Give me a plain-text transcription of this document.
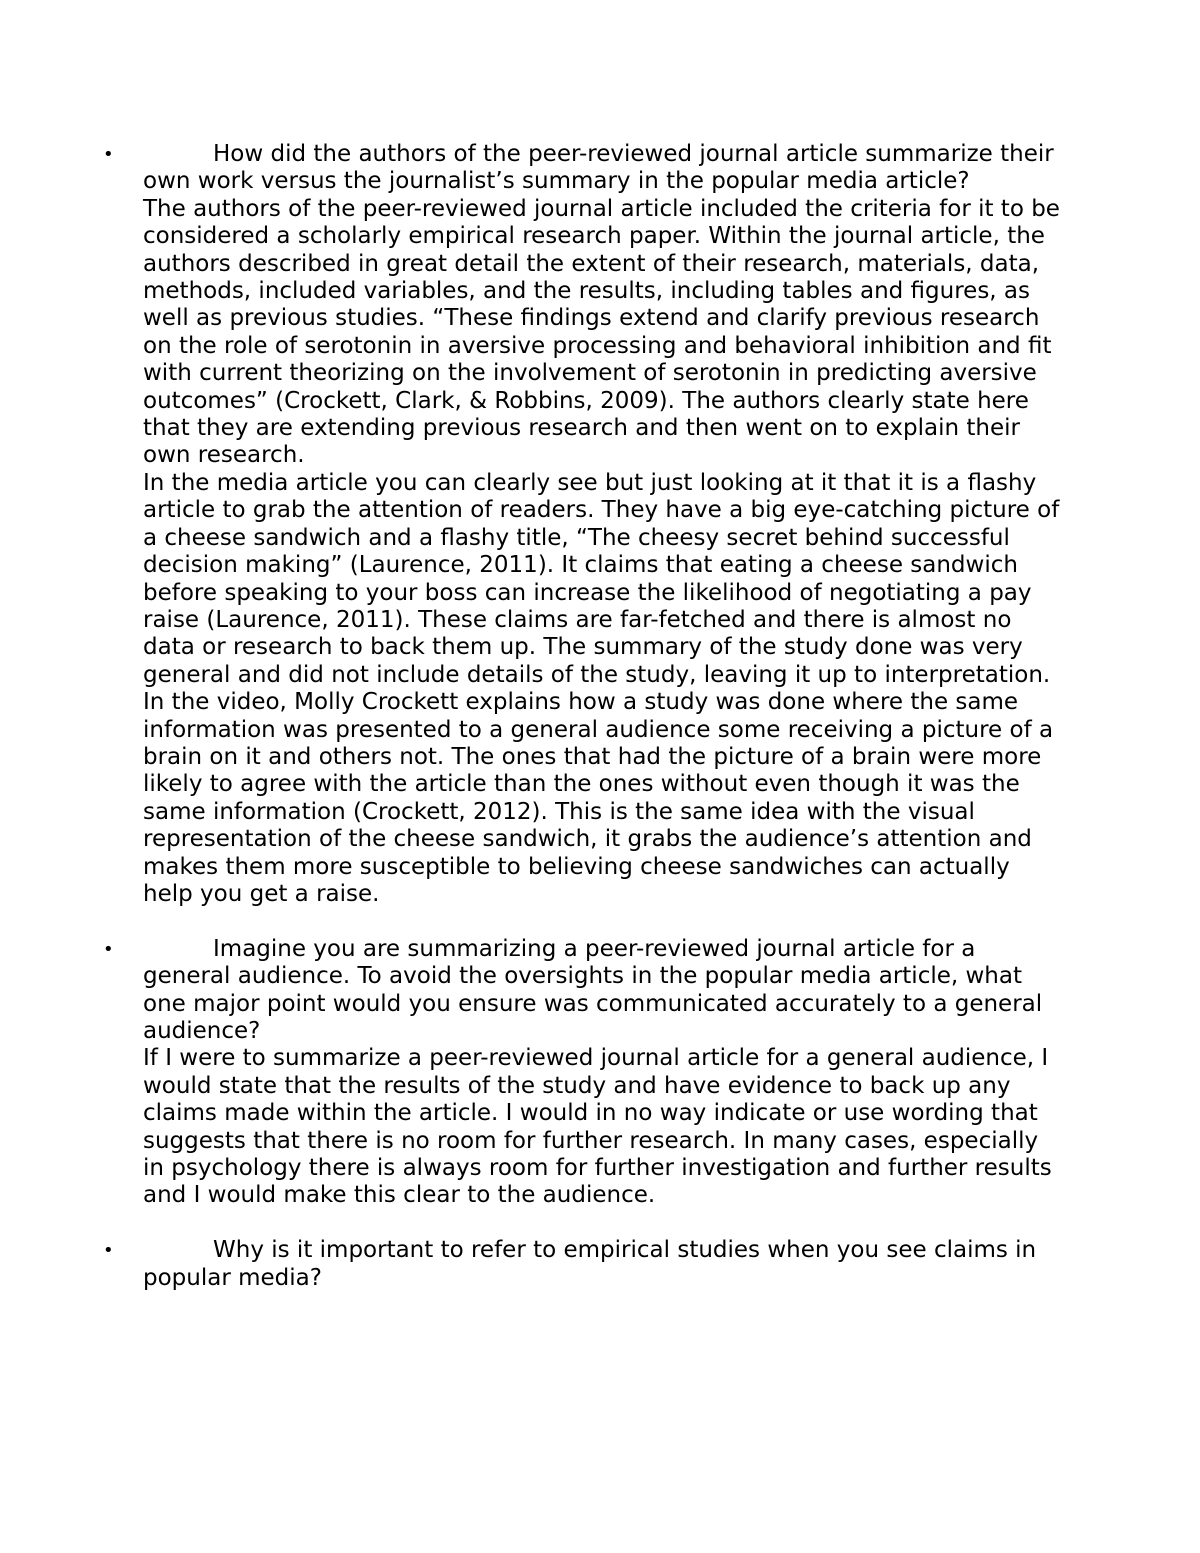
•	How did the authors of the peer-reviewed journal article summarize their own work versus the journalist’s summary in the popular media article?

The authors of the peer-reviewed journal article included the criteria for it to be considered a scholarly empirical research paper. Within the journal article, the authors described in great detail the extent of their research, materials, data, methods, included variables, and the results, including tables and figures, as well as previous studies. “These findings extend and clarify previous research on the role of serotonin in aversive processing and behavioral inhibition and fit with current theorizing on the involvement of serotonin in predicting aversive outcomes” (Crockett, Clark, & Robbins, 2009). The authors clearly state here that they are extending previous research and then went on to explain their own research.

In the media article you can clearly see but just looking at it that it is a flashy article to grab the attention of readers. They have a big eye-catching picture of a cheese sandwich and a flashy title, “The cheesy secret behind successful decision making” (Laurence, 2011). It claims that eating a cheese sandwich before speaking to your boss can increase the likelihood of negotiating a pay raise (Laurence, 2011). These claims are far-fetched and there is almost no data or research to back them up. The summary of the study done was very general and did not include details of the study, leaving it up to interpretation. In the video, Molly Crockett explains how a study was done where the same information was presented to a general audience some receiving a picture of a brain on it and others not. The ones that had the picture of a brain were more likely to agree with the article than the ones without even though it was the same information (Crockett, 2012). This is the same idea with the visual representation of the cheese sandwich, it grabs the audience’s attention and makes them more susceptible to believing cheese sandwiches can actually help you get a raise.

•	Imagine you are summarizing a peer-reviewed journal article for a general audience. To avoid the oversights in the popular media article, what one major point would you ensure was communicated accurately to a general audience?

If I were to summarize a peer-reviewed journal article for a general audience, I would state that the results of the study and have evidence to back up any claims made within the article. I would in no way indicate or use wording that suggests that there is no room for further research. In many cases, especially in psychology there is always room for further investigation and further results and I would make this clear to the audience.

•	Why is it important to refer to empirical studies when you see claims in popular media?
